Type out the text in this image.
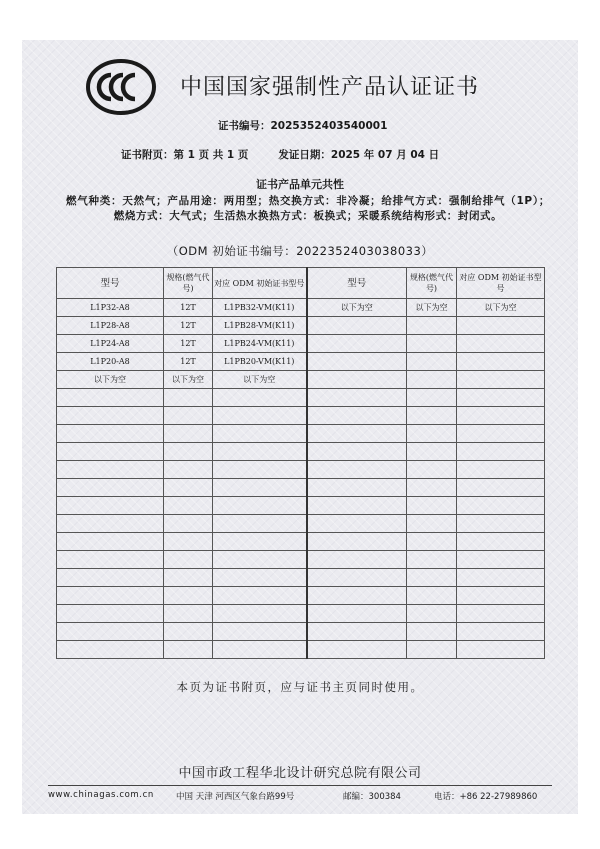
中国国家强制性产品认证证书
证书编号：2025352403540001
证书附页：第 1 页 共 1 页	发证日期：2025 年 07 月 04 日
证书产品单元共性
燃气种类：天然气；产品用途：两用型；热交换方式：非冷凝；给排气方式：强制给排气（1P）；燃烧方式：大气式；生活热水换热方式：板换式；采暖系统结构形式：封闭式。
（ODM 初始证书编号：2022352403038033）
型号	规格(燃气代号)	对应 ODM 初始证书型号	型号	规格(燃气代号)	对应 ODM 初始证书型号
L1P32-A8	12T	L1PB32-VM(K11)	以下为空	以下为空	以下为空
L1P28-A8	12T	L1PB28-VM(K11)			
L1P24-A8	12T	L1PB24-VM(K11)			
L1P20-A8	12T	L1PB20-VM(K11)			
以下为空	以下为空	以下为空			

本页为证书附页，应与证书主页同时使用。
中国市政工程华北设计研究总院有限公司
www.chinagas.com.cn	中国 天津 河西区气象台路99号	邮编：300384	电话：+86 22-27989860
